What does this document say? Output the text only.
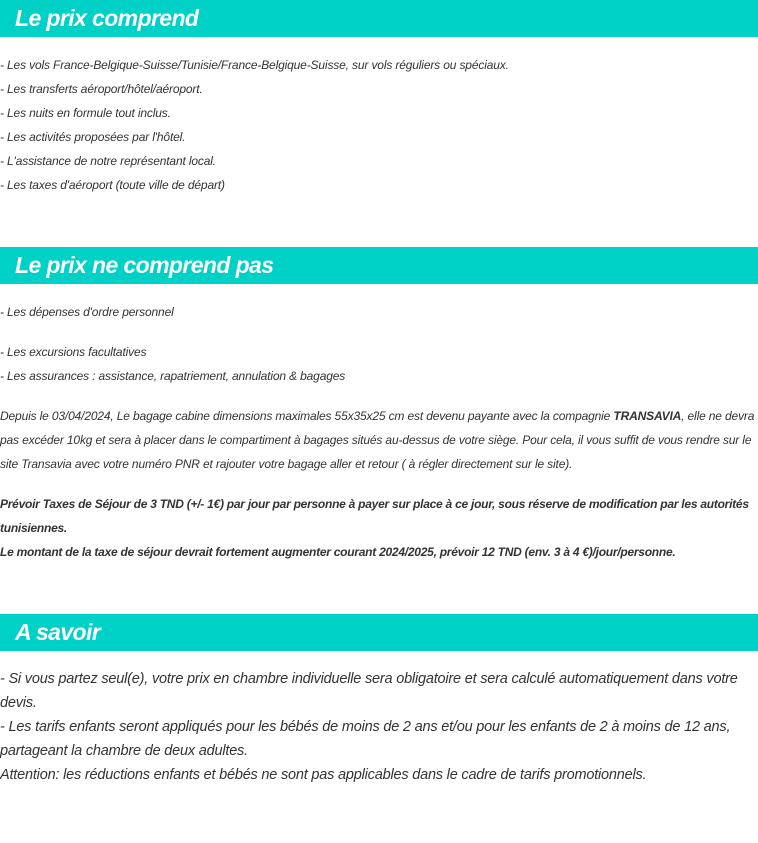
Le prix comprend
- Les vols France-Belgique-Suisse/Tunisie/France-Belgique-Suisse, sur vols réguliers ou spéciaux.
- Les transferts aéroport/hôtel/aéroport.
- Les nuits en formule tout inclus.
- Les activités proposées par l'hôtel.
- L'assistance de notre représentant local.
- Les taxes d'aéroport (toute ville de départ)
Le prix ne comprend pas
- Les dépenses d'ordre personnel
- Les excursions facultatives
- Les assurances : assistance, rapatriement, annulation & bagages
Depuis le 03/04/2024, Le bagage cabine dimensions maximales 55x35x25 cm est devenu payante avec la compagnie TRANSAVIA, elle ne devra pas excéder 10kg et sera à placer dans le compartiment à bagages situés au-dessus de votre siège. Pour cela, il vous suffit de vous rendre sur le site Transavia avec votre numéro PNR et rajouter votre bagage aller et retour ( à régler directement sur le site).
Prévoir Taxes de Séjour de 3 TND (+/- 1€) par jour par personne à payer sur place à ce jour, sous réserve de modification par les autorités tunisiennes.
Le montant de la taxe de séjour devrait fortement augmenter courant 2024/2025, prévoir 12 TND (env. 3 à 4 €)/jour/personne.
A savoir
- Si vous partez seul(e), votre prix en chambre individuelle sera obligatoire et sera calculé automatiquement dans votre devis.
- Les tarifs enfants seront appliqués pour les bébés de moins de 2 ans et/ou pour les enfants de 2 à moins de 12 ans, partageant la chambre de deux adultes.
Attention: les réductions enfants et bébés ne sont pas applicables dans le cadre de tarifs promotionnels.
